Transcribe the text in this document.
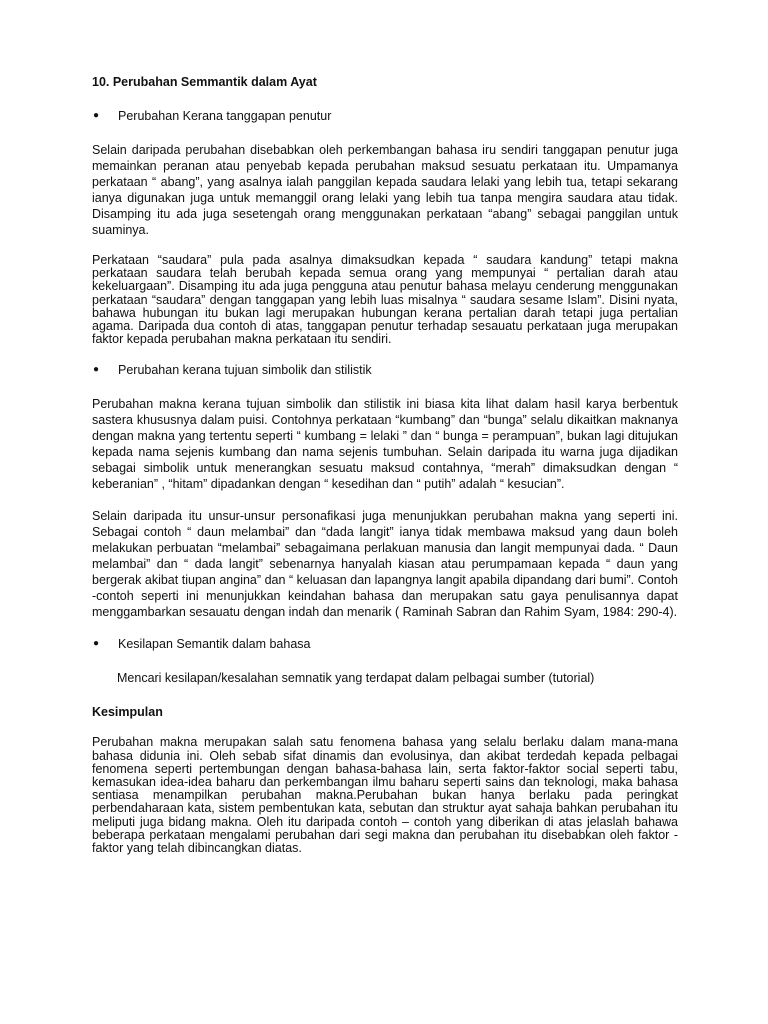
10. Perubahan Semmantik dalam Ayat
●	Perubahan Kerana tanggapan penutur

Selain daripada perubahan disebabkan oleh perkembangan bahasa iru sendiri tanggapan penutur juga memainkan peranan atau penyebab kepada perubahan maksud sesuatu perkataan itu. Umpamanya perkataan “ abang”, yang asalnya ialah panggilan kepada saudara lelaki yang lebih tua, tetapi sekarang ianya digunakan juga untuk memanggil orang lelaki yang lebih tua tanpa mengira saudara atau tidak. Disamping itu ada juga sesetengah orang menggunakan perkataan “abang” sebagai panggilan untuk suaminya.

Perkataan “saudara” pula pada asalnya dimaksudkan kepada “ saudara kandung” tetapi makna perkataan saudara telah berubah kepada semua orang yang mempunyai “ pertalian darah atau kekeluargaan”. Disamping itu ada juga pengguna atau penutur bahasa melayu cenderung menggunakan perkataan “saudara” dengan tanggapan yang lebih luas misalnya “ saudara sesame Islam”. Disini nyata, bahawa hubungan itu bukan lagi merupakan hubungan kerana pertalian darah tetapi juga pertalian agama. Daripada dua contoh di atas, tanggapan penutur terhadap sesauatu perkataan juga merupakan faktor kepada perubahan makna perkataan itu sendiri.

●	Perubahan kerana tujuan simbolik dan stilistik

Perubahan makna kerana tujuan simbolik dan stilistik ini biasa kita lihat dalam hasil karya berbentuk sastera khususnya dalam puisi. Contohnya perkataan “kumbang” dan “bunga” selalu dikaitkan maknanya dengan makna yang tertentu seperti “ kumbang = lelaki ” dan “ bunga = perampuan”, bukan lagi ditujukan kepada nama sejenis kumbang dan nama sejenis tumbuhan. Selain daripada itu warna juga dijadikan sebagai simbolik untuk menerangkan sesuatu maksud contahnya, “merah” dimaksudkan dengan “ keberanian” , “hitam” dipadankan dengan “ kesedihan dan “ putih” adalah “ kesucian”.

Selain daripada itu unsur-unsur personafikasi juga menunjukkan perubahan makna yang seperti ini. Sebagai contoh “ daun melambai” dan “dada langit” ianya tidak membawa maksud yang daun boleh melakukan perbuatan “melambai” sebagaimana perlakuan manusia dan langit mempunyai dada. “ Daun melambai” dan “ dada langit” sebenarnya hanyalah kiasan atau perumpamaan kepada “ daun yang bergerak akibat tiupan angina” dan “ keluasan dan lapangnya langit apabila dipandang dari bumi”. Contoh -contoh seperti ini menunjukkan keindahan bahasa dan merupakan satu gaya penulisannya dapat menggambarkan sesauatu dengan indah dan menarik ( Raminah Sabran dan Rahim Syam, 1984: 290-4).

●	Kesilapan Semantik dalam bahasa

Mencari kesilapan/kesalahan semnatik yang terdapat dalam pelbagai sumber (tutorial)

Kesimpulan

Perubahan makna merupakan salah satu fenomena bahasa yang selalu berlaku dalam mana-mana bahasa didunia ini. Oleh sebab sifat dinamis dan evolusinya, dan akibat terdedah kepada pelbagai fenomena seperti pertembungan dengan bahasa-bahasa lain, serta faktor-faktor social seperti tabu, kemasukan idea-idea baharu dan perkembangan ilmu baharu seperti sains dan teknologi, maka bahasa sentiasa menampilkan perubahan makna.Perubahan bukan hanya berlaku pada peringkat perbendaharaan kata, sistem pembentukan kata, sebutan dan struktur ayat sahaja bahkan perubahan itu meliputi juga bidang makna. Oleh itu daripada contoh – contoh yang diberikan di atas jelaslah bahawa beberapa perkataan mengalami perubahan dari segi makna dan perubahan itu disebabkan oleh faktor -faktor yang telah dibincangkan diatas.
